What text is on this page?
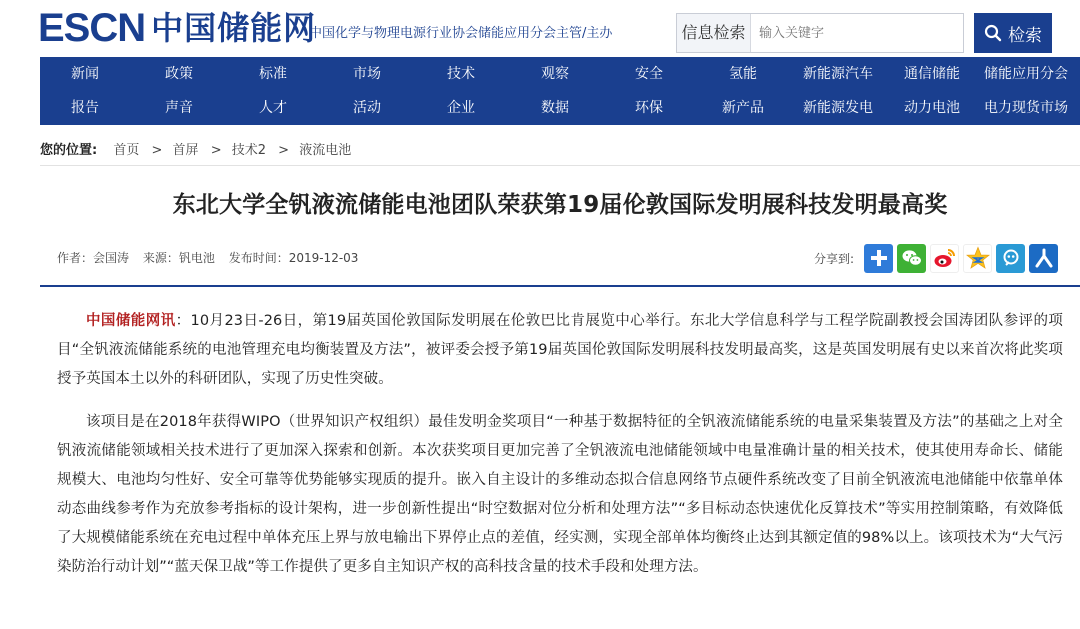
ESCN 中国储能网
中国化学与物理电源行业协会储能应用分会主管/主办	信息检索
输入关键字	检索
新闻	政策	标准	市场	技术	观察	安全	氢能	新能源汽车	通信储能	储能应用分会
报告	声音	人才	活动	企业	数据	环保	新产品	新能源发电	动力电池	电力现货市场
您的位置: 首页 > 首屏 > 技术2 > 液流电池
东北大学全钒液流储能电池团队荣获第19届伦敦国际发明展科技发明最高奖
作者：会国涛 来源：钒电池 发布时间：2019-12-03	分享到:

中国储能网讯：10月23日-26日，第19届英国伦敦国际发明展在伦敦巴比肯展览中心举行。东北大学信息科学与工程学院副教授会国涛团队参评的项目“全钒液流储能系统的电池管理充电均衡装置及方法”，被评委会授予第19届英国伦敦国际发明展科技发明最高奖，这是英国发明展有史以来首次将此奖项授予英国本土以外的科研团队，实现了历史性突破。

该项目是在2018年获得WIPO（世界知识产权组织）最佳发明金奖项目“一种基于数据特征的全钒液流储能系统的电量采集装置及方法”的基础之上对全钒液流储能领域相关技术进行了更加深入探索和创新。本次获奖项目更加完善了全钒液流电池储能领域中电量准确计量的相关技术，使其使用寿命长、储能规模大、电池均匀性好、安全可靠等优势能够实现质的提升。嵌入自主设计的多维动态拟合信息网络节点硬件系统改变了目前全钒液流电池储能中依靠单体动态曲线参考作为充放参考指标的设计架构，进一步创新性提出“时空数据对位分析和处理方法”“多目标动态快速优化反算技术”等实用控制策略，有效降低了大规模储能系统在充电过程中单体充压上界与放电输出下界停止点的差值，经实测，实现全部单体均衡终止达到其额定值的98%以上。该项技术为“大气污染防治行动计划”“蓝天保卫战”等工作提供了更多自主知识产权的高科技含量的技术手段和处理方法。
